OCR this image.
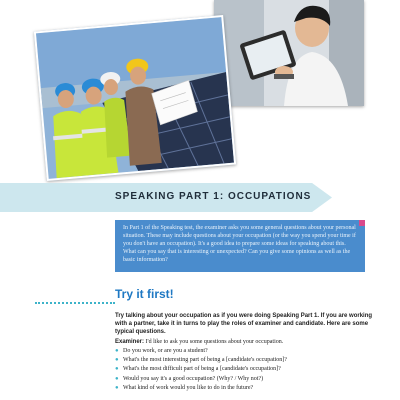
SPEAKING PART 1: OCCUPATIONS

In Part 1 of the Speaking test, the examiner asks you some general questions about your personal situation. These may include questions about your occupation (or the way you spend your time if you don't have an occupation). It's a good idea to prepare some ideas for speaking about this. What can you say that is interesting or unexpected? Can you give some opinions as well as the basic information?

Try it first!
Try talking about your occupation as if you were doing Speaking Part 1. If you are working with a partner, take it in turns to play the roles of examiner and candidate. Here are some typical questions.
Examiner: I'd like to ask you some questions about your occupation.
● Do you work, or are you a student?
● What's the most interesting part of being a [candidate's occupation]?
● What's the most difficult part of being a [candidate's occupation]?
● Would you say it's a good occupation? (Why? / Why not?)
● What kind of work would you like to do in the future?
